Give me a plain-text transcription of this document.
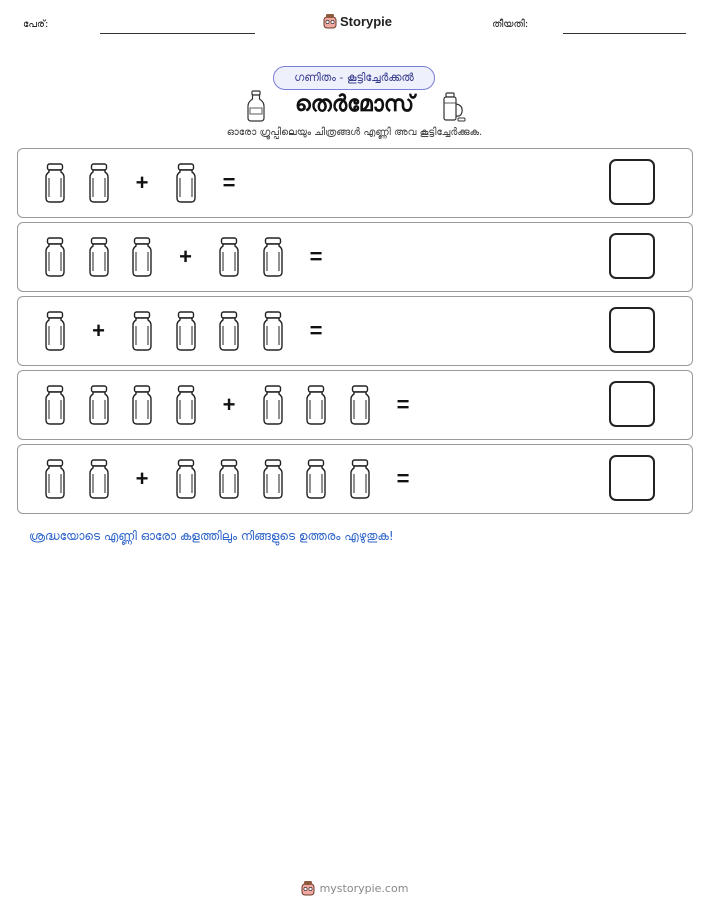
പേര്:	Storypie	തീയതി:
ഗണിതം - കൂട്ടിച്ചേർക്കൽ
തെർമോസ്
ഓരോ ഗ്രൂപ്പിലെയും ചിത്രങ്ങൾ എണ്ണി അവ കൂട്ടിച്ചേർക്കുക.
+	=
+	=
+	=
+	=
+	=
ശ്രദ്ധയോടെ എണ്ണി ഓരോ കളത്തിലും നിങ്ങളുടെ ഉത്തരം എഴുതുക!
mystorypie.com
